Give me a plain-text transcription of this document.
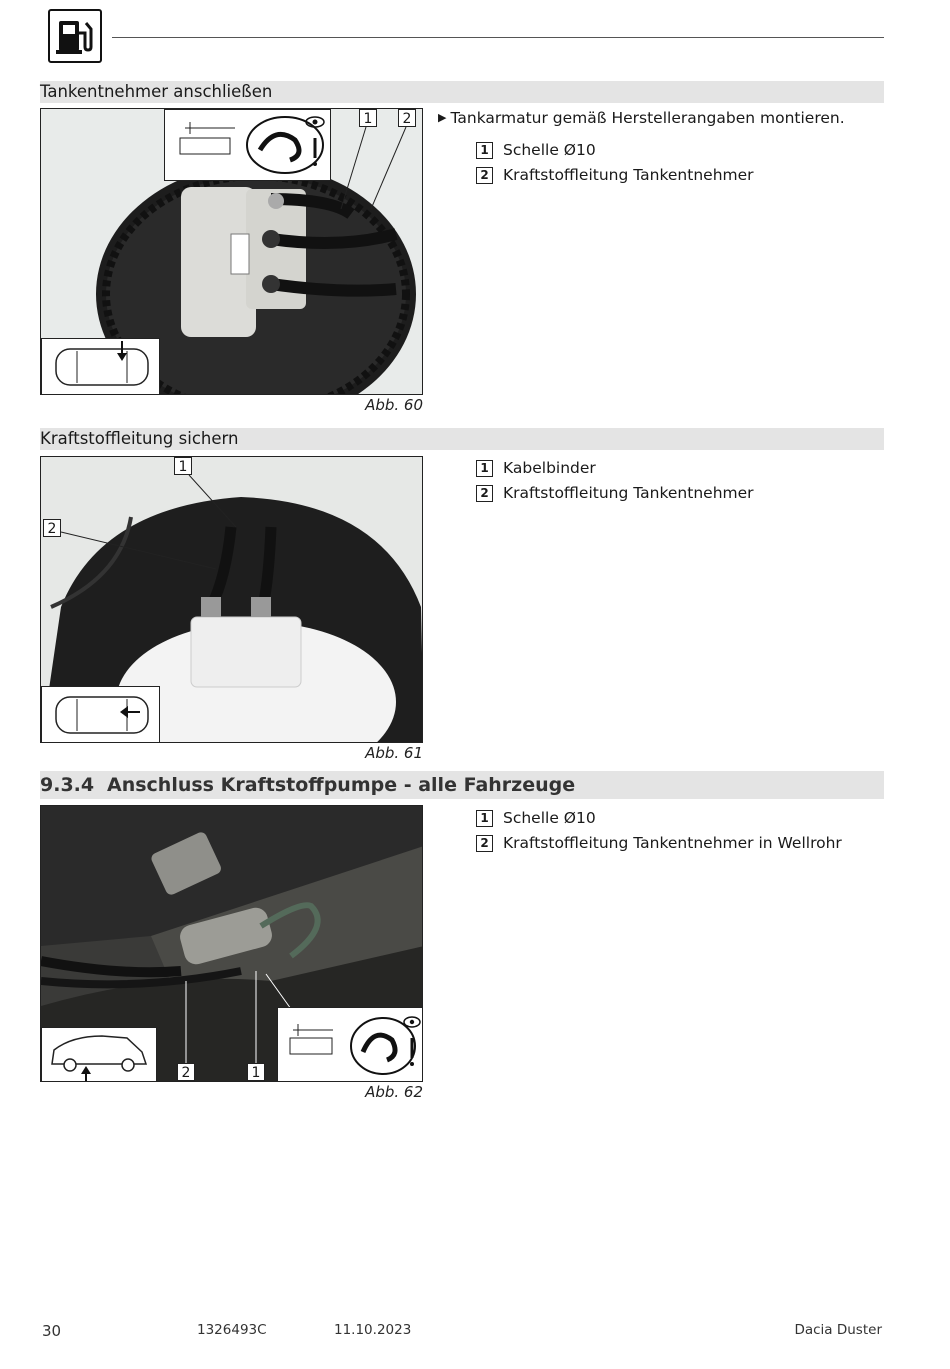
Tankentnehmer anschließen
1	2
Abb. 60
▶ Tankarmatur gemäß Herstellerangaben montieren.
1 Schelle Ø10
2 Kraftstoffleitung Tankentnehmer
Kraftstoffleitung sichern
1
2
Abb. 61
1 Kabelbinder
2 Kraftstoffleitung Tankentnehmer
9.3.4 Anschluss Kraftstoffpumpe - alle Fahrzeuge
2	1
Abb. 62
1 Schelle Ø10
2 Kraftstoffleitung Tankentnehmer in Wellrohr
30	1326493C	11.10.2023	Dacia Duster
